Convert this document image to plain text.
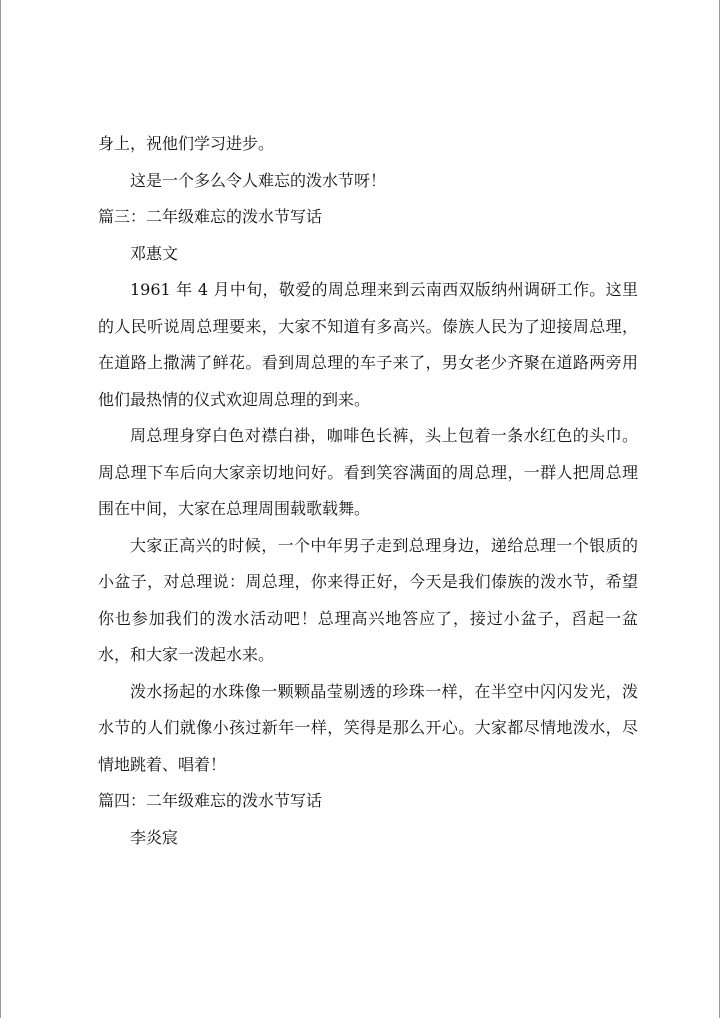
身上，祝他们学习进步。

这是一个多么令人难忘的泼水节呀！

篇三：二年级难忘的泼水节写话

邓惠文

1961 年 4 月中旬，敬爱的周总理来到云南西双版纳州调研工作。这里的人民听说周总理要来，大家不知道有多高兴。傣族人民为了迎接周总理，在道路上撒满了鲜花。看到周总理的车子来了，男女老少齐聚在道路两旁用他们最热情的仪式欢迎周总理的到来。

周总理身穿白色对襟白褂，咖啡色长裤，头上包着一条水红色的头巾。周总理下车后向大家亲切地问好。看到笑容满面的周总理，一群人把周总理围在中间，大家在总理周围载歌载舞。

大家正高兴的时候，一个中年男子走到总理身边，递给总理一个银质的小盆子，对总理说：周总理，你来得正好，今天是我们傣族的泼水节，希望你也参加我们的泼水活动吧！总理高兴地答应了，接过小盆子，舀起一盆水，和大家一泼起水来。

泼水扬起的水珠像一颗颗晶莹剔透的珍珠一样，在半空中闪闪发光，泼水节的人们就像小孩过新年一样，笑得是那么开心。大家都尽情地泼水，尽情地跳着、唱着！

篇四：二年级难忘的泼水节写话

李炎宸
